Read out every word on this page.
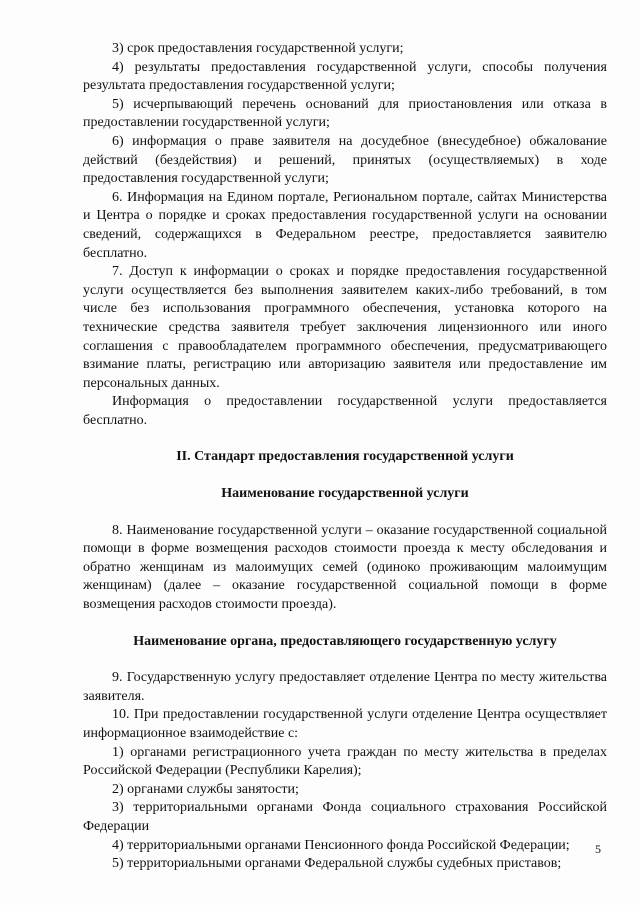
3) срок предоставления государственной услуги;

4) результаты предоставления государственной услуги, способы получения результата предоставления государственной услуги;

5) исчерпывающий перечень оснований для приостановления или отказа в предоставлении государственной услуги;

6) информация о праве заявителя на досудебное (внесудебное) обжалование действий (бездействия) и решений, принятых (осуществляемых) в ходе предоставления государственной услуги;

6. Информация на Едином портале, Региональном портале, сайтах Министерства и Центра о порядке и сроках предоставления государственной услуги на основании сведений, содержащихся в Федеральном реестре, предоставляется заявителю бесплатно.

7. Доступ к информации о сроках и порядке предоставления государственной услуги осуществляется без выполнения заявителем каких-либо требований, в том числе без использования программного обеспечения, установка которого на технические средства заявителя требует заключения лицензионного или иного соглашения с правообладателем программного обеспечения, предусматривающего взимание платы, регистрацию или авторизацию заявителя или предоставление им персональных данных.

Информация о предоставлении государственной услуги предоставляется бесплатно.

II. Стандарт предоставления государственной услуги

Наименование государственной услуги

8. Наименование государственной услуги – оказание государственной социальной помощи в форме возмещения расходов стоимости проезда к месту обследования и обратно женщинам из малоимущих семей (одиноко проживающим малоимущим женщинам) (далее – оказание государственной социальной помощи в форме возмещения расходов стоимости проезда).

Наименование органа, предоставляющего государственную услугу

9. Государственную услугу предоставляет отделение Центра по месту жительства заявителя.

10. При предоставлении государственной услуги отделение Центра осуществляет информационное взаимодействие с:

1) органами регистрационного учета граждан по месту жительства в пределах Российской Федерации (Республики Карелия);

2) органами службы занятости;

3) территориальными органами Фонда социального страхования Российской Федерации

4) территориальными органами Пенсионного фонда Российской Федерации;

5) территориальными органами Федеральной службы судебных приставов;

5
